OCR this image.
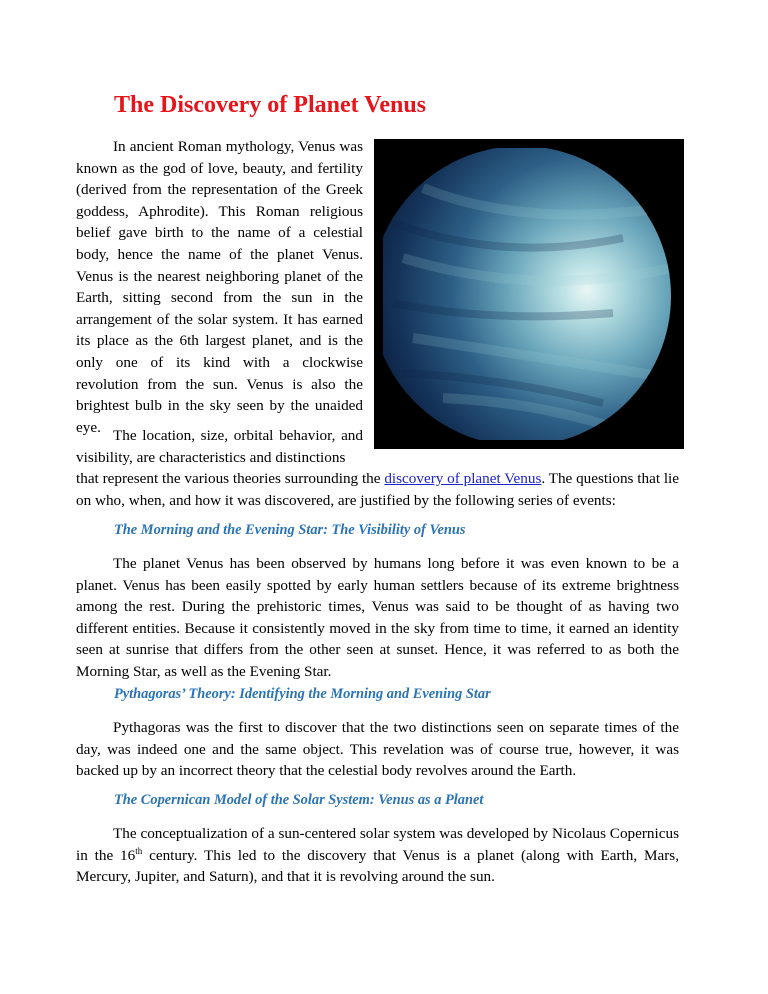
The Discovery of Planet Venus

In ancient Roman mythology, Venus was known as the god of love, beauty, and fertility (derived from the representation of the Greek goddess, Aphrodite). This Roman religious belief gave birth to the name of a celestial body, hence the name of the planet Venus. Venus is the nearest neighboring planet of the Earth, sitting second from the sun in the arrangement of the solar system. It has earned its place as the 6th largest planet, and is the only one of its kind with a clockwise revolution from the sun. Venus is also the brightest bulb in the sky seen by the unaided eye. The location, size, orbital behavior, and visibility, are characteristics and distinctions

that represent the various theories surrounding the discovery of planet Venus. The questions that lie on who, when, and how it was discovered, are justified by the following series of events:

The Morning and the Evening Star: The Visibility of Venus

The planet Venus has been observed by humans long before it was even known to be a planet. Venus has been easily spotted by early human settlers because of its extreme brightness among the rest. During the prehistoric times, Venus was said to be thought of as having two different entities. Because it consistently moved in the sky from time to time, it earned an identity seen at sunrise that differs from the other seen at sunset. Hence, it was referred to as both the Morning Star, as well as the Evening Star.

Pythagoras’ Theory: Identifying the Morning and Evening Star

Pythagoras was the first to discover that the two distinctions seen on separate times of the day, was indeed one and the same object. This revelation was of course true, however, it was backed up by an incorrect theory that the celestial body revolves around the Earth.

The Copernican Model of the Solar System: Venus as a Planet

The conceptualization of a sun-centered solar system was developed by Nicolaus Copernicus in the 16th century. This led to the discovery that Venus is a planet (along with Earth, Mars, Mercury, Jupiter, and Saturn), and that it is revolving around the sun.
